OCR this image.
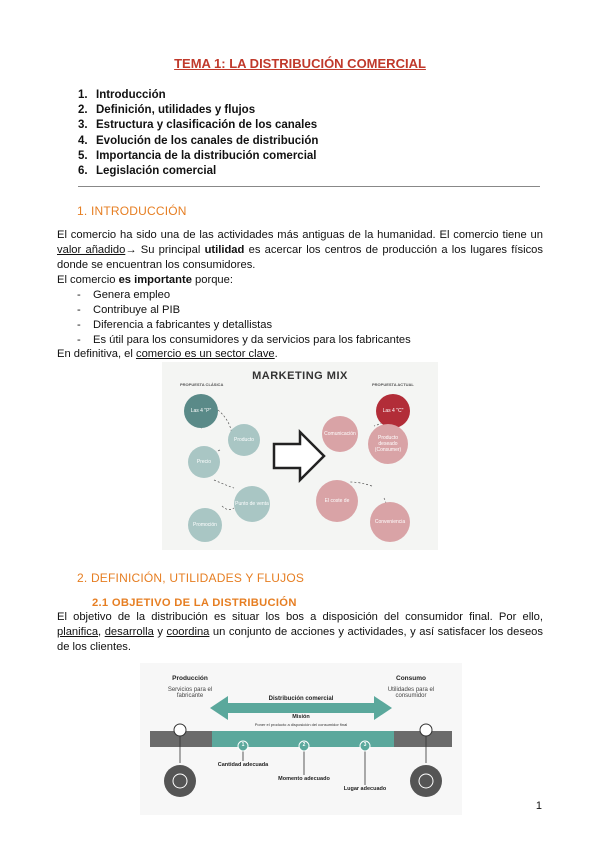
TEMA 1: LA DISTRIBUCIÓN COMERCIAL
1. Introducción
2. Definición, utilidades y flujos
3. Estructura y clasificación de los canales
4. Evolución de los canales de distribución
5. Importancia de la distribución comercial
6. Legislación comercial
1. INTRODUCCIÓN
El comercio ha sido una de las actividades más antiguas de la humanidad. El comercio tiene un valor añadido→ Su principal utilidad es acercar los centros de producción a los lugares físicos donde se encuentran los consumidores.
El comercio es importante porque:
-	Genera empleo
-	Contribuye al PIB
-	Diferencia a fabricantes y detallistas
-	Es útil para los consumidores y da servicios para los fabricantes
En definitiva, el comercio es un sector clave.
MARKETING MIX
PROPUESTA CLÁSICA	PROPUESTA ACTUAL
Las 4 "P"
Producto
Precio
Punto de venta
Promoción
Las 4 "C"
Comunicación
Producto deseado (Consumer)
Conveniencia
El coste de
2. DEFINICIÓN, UTILIDADES Y FLUJOS
2.1 OBJETIVO DE LA DISTRIBUCIÓN
El objetivo de la distribución es situar los bos a disposición del consumidor final. Por ello, planifica, desarrolla y coordina un conjunto de acciones y actividades, y así satisfacer los deseos de los clientes.
Producción
Servicios para el fabricante
Consumo
Utilidades para el consumidor
Distribución comercial
Misión
Poner el producto a disposición del consumidor final
1	2	3
Cantidad adecuada
Momento adecuado
Lugar adecuado
1
